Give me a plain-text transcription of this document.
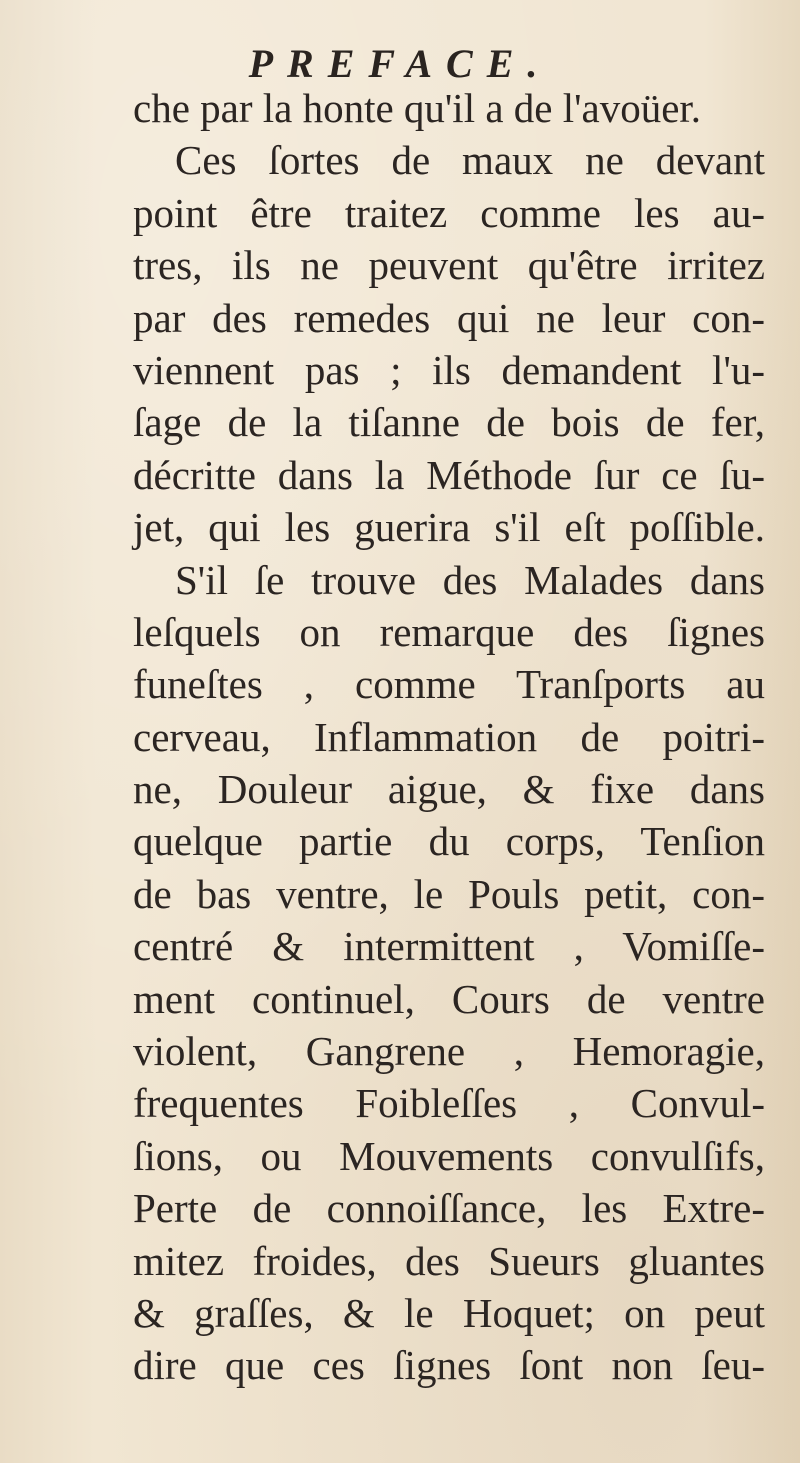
PREFACE.
che par la honte qu'il a de l'avoüer.
Ces ſortes de maux ne devant
point être traitez comme les au-
tres, ils ne peuvent qu'être irritez
par des remedes qui ne leur con-
viennent pas ; ils demandent l'u-
ſage de la tiſanne de bois de fer,
décritte dans la Méthode ſur ce ſu-
jet, qui les guerira s'il eſt poſſible.
S'il ſe trouve des Malades dans
leſquels on remarque des ſignes
funeſtes , comme Tranſports au
cerveau, Inflammation de poitri-
ne, Douleur aigue, & fixe dans
quelque partie du corps, Tenſion
de bas ventre, le Pouls petit, con-
centré & intermittent , Vomiſſe-
ment continuel, Cours de ventre
violent, Gangrene , Hemoragie,
frequentes Foibleſſes , Convul-
ſions, ou Mouvements convulſifs,
Perte de connoiſſance, les Extre-
mitez froides, des Sueurs gluantes
& graſſes, & le Hoquet; on peut
dire que ces ſignes ſont non ſeu-
